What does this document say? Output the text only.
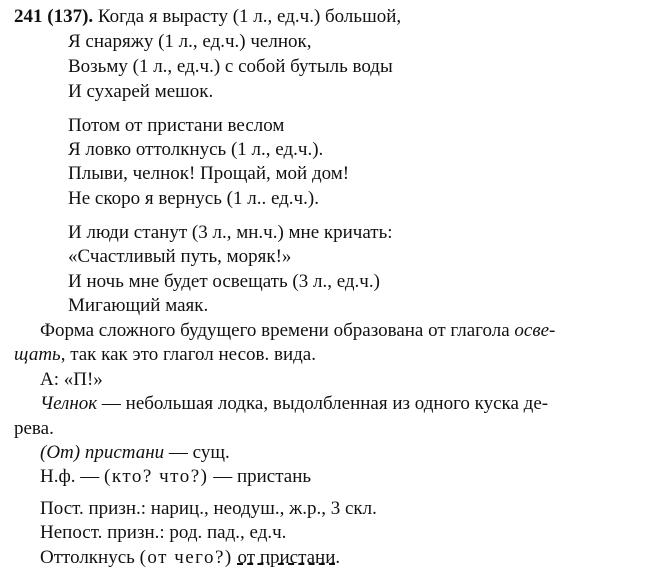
241 (137). Когда я вырасту (1 л., ед.ч.) большой,
Я снаряжу (1 л., ед.ч.) челнок,
Возьму (1 л., ед.ч.) с собой бутыль воды
И сухарей мешок.
Потом от пристани веслом
Я ловко оттолкнусь (1 л., ед.ч.).
Плыви, челнок! Прощай, мой дом!
Не скоро я вернусь (1 л.. ед.ч.).
И люди станут (3 л., мн.ч.) мне кричать:
«Счастливый путь, моряк!»
И ночь мне будет освещать (3 л., ед.ч.)
Мигающий маяк.
Форма сложного будущего времени образована от глагола осве-
щать, так как это глагол несов. вида.
А: «П!»
Челнок — небольшая лодка, выдолбленная из одного куска де-
рева.
(От) пристани — сущ.
Н.ф. — (кто? что?) — пристань
Пост. призн.: нариц., неодуш., ж.р., 3 скл.
Непост. призн.: род. пад., ед.ч.
Оттолкнусь (от чего?) от пристани.
